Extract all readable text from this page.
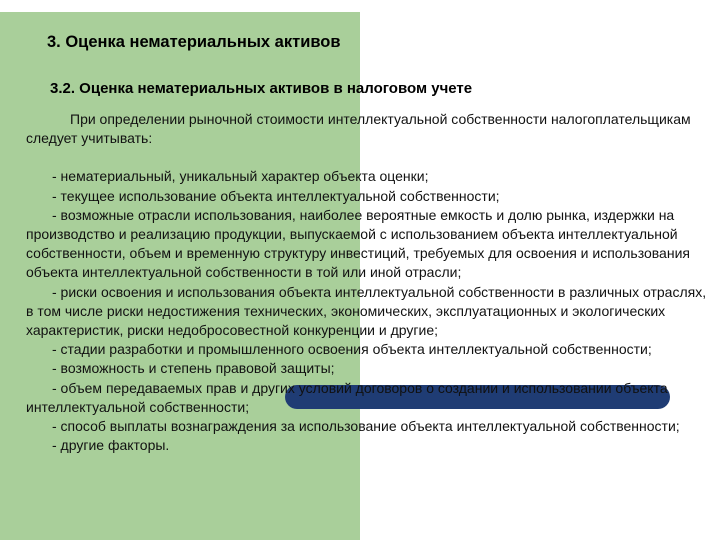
3. Оценка нематериальных активов
3.2. Оценка нематериальных активов в налоговом учете

При определении рыночной стоимости интеллектуальной собственности налогоплательщикам следует учитывать:

- нематериальный, уникальный характер объекта оценки;

- текущее использование объекта интеллектуальной собственности;

- возможные отрасли использования, наиболее вероятные емкость и долю рынка, издержки на производство и реализацию продукции, выпускаемой с использованием объекта интеллектуальной собственности, объем и временную структуру инвестиций, требуемых для освоения и использования объекта интеллектуальной собственности в той или иной отрасли;

- риски освоения и использования объекта интеллектуальной собственности в различных отраслях, в том числе риски недостижения технических, экономических, эксплуатационных и экологических характеристик, риски недобросовестной конкуренции и другие;

- стадии разработки и промышленного освоения объекта интеллектуальной собственности;

- возможность и степень правовой защиты;

- объем передаваемых прав и других условий договоров о создании и использовании объекта интеллектуальной собственности;

- способ выплаты вознаграждения за использование объекта интеллектуальной собственности;

- другие факторы.
